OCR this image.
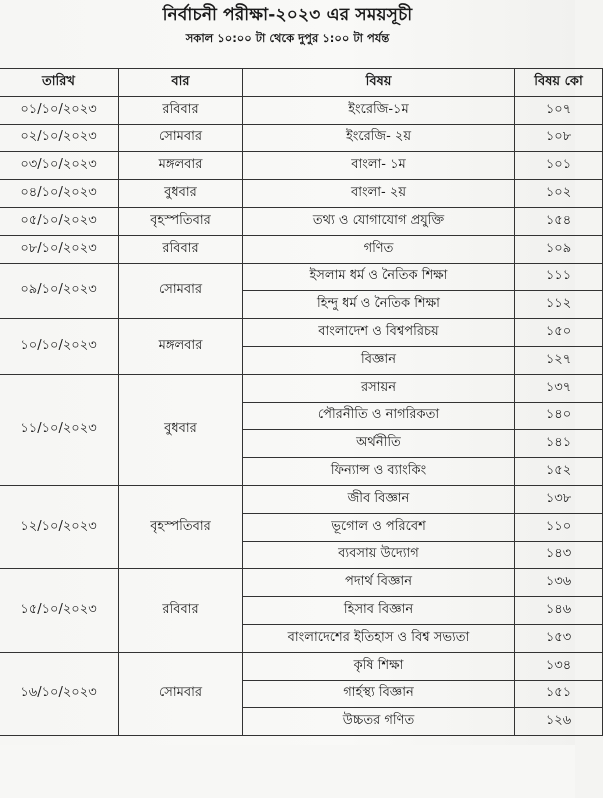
নির্বাচনী পরীক্ষা-২০২৩ এর সময়সূচী
সকাল ১০:০০ টা থেকে দুপুর ১:০০ টা পর্যন্ত
তারিখ	বার	বিষয়	বিষয় কো
০১/১০/২০২৩	রবিবার	ইংরেজি-১ম	১০৭
০২/১০/২০২৩	সোমবার	ইংরেজি- ২য়	১০৮
০৩/১০/২০২৩	মঙ্গলবার	বাংলা- ১ম	১০১
০৪/১০/২০২৩	বুধবার	বাংলা- ২য়	১০২
০৫/১০/২০২৩	বৃহস্পতিবার	তথ্য ও যোগাযোগ প্রযুক্তি	১৫৪
০৮/১০/২০২৩	রবিবার	গণিত	১০৯
০৯/১০/২০২৩	সোমবার	ইসলাম ধর্ম ও নৈতিক শিক্ষা	১১১
		হিন্দু ধর্ম ও নৈতিক শিক্ষা	১১২
১০/১০/২০২৩	মঙ্গলবার	বাংলাদেশ ও বিশ্বপরিচয়	১৫০
		বিজ্ঞান	১২৭
১১/১০/২০২৩	বুধবার	রসায়ন	১৩৭
		পৌরনীতি ও নাগরিকতা	১৪০
		অর্থনীতি	১৪১
		ফিন্যান্স ও ব্যাংকিং	১৫২
১২/১০/২০২৩	বৃহস্পতিবার	জীব বিজ্ঞান	১৩৮
		ভূগোল ও পরিবেশ	১১০
		ব্যবসায় উদ্যোগ	১৪৩
১৫/১০/২০২৩	রবিবার	পদার্থ বিজ্ঞান	১৩৬
		হিসাব বিজ্ঞান	১৪৬
		বাংলাদেশের ইতিহাস ও বিশ্ব সভ্যতা	১৫৩
১৬/১০/২০২৩	সোমবার	কৃষি শিক্ষা	১৩৪
		গার্হস্থ্য বিজ্ঞান	১৫১
		উচ্চতর গণিত	১২৬
